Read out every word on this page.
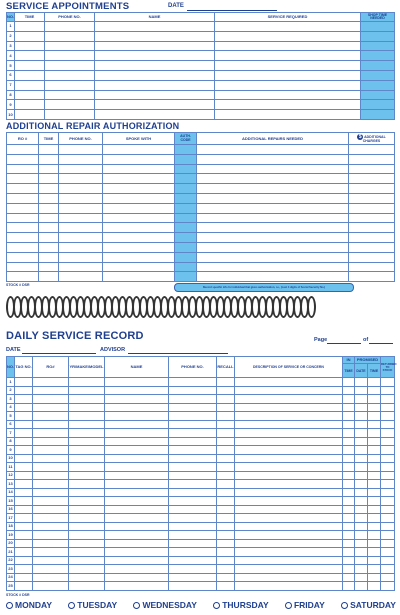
SERVICE APPOINTMENTS	DATE
NO.	TIME	PHONE NO.	NAME	SERVICE REQUIRED	SHOP TIME NEEDED
1					
2					
3					
4					
5					
6					
7					
8					
9					
10					
ADDITIONAL REPAIR AUTHORIZATION
RO #	TIME	PHONE NO.	SPOKE WITH	AUTH. CODE	ADDITIONAL REPAIRS NEEDED	$ ADDITIONAL CHARGES

STOCK # DSR
Record specific info for individual that gives authorization, i.e., (Last 4 digits of Social Security No.)
DAILY SERVICE RECORD	Page	of
DATE	ADVISOR
NO.	TAG NO.	RO#	YR/MAKE/MODEL	NAME	PHONE NO.	RECALL	DESCRIPTION OF SERVICE OR CONCERN	IN	PROMISED		RETURNED TO STOCK
								TIME	DATE	TIME	
1											
2											
3											
4											
5											
6											
7											
8											
9											
10											
11											
12											
13											
14											
15											
16											
17											
18											
19											
20											
21											
22											
23											
24											
25											
STOCK # DSR
MONDAY	TUESDAY	WEDNESDAY	THURSDAY	FRIDAY	SATURDAY
